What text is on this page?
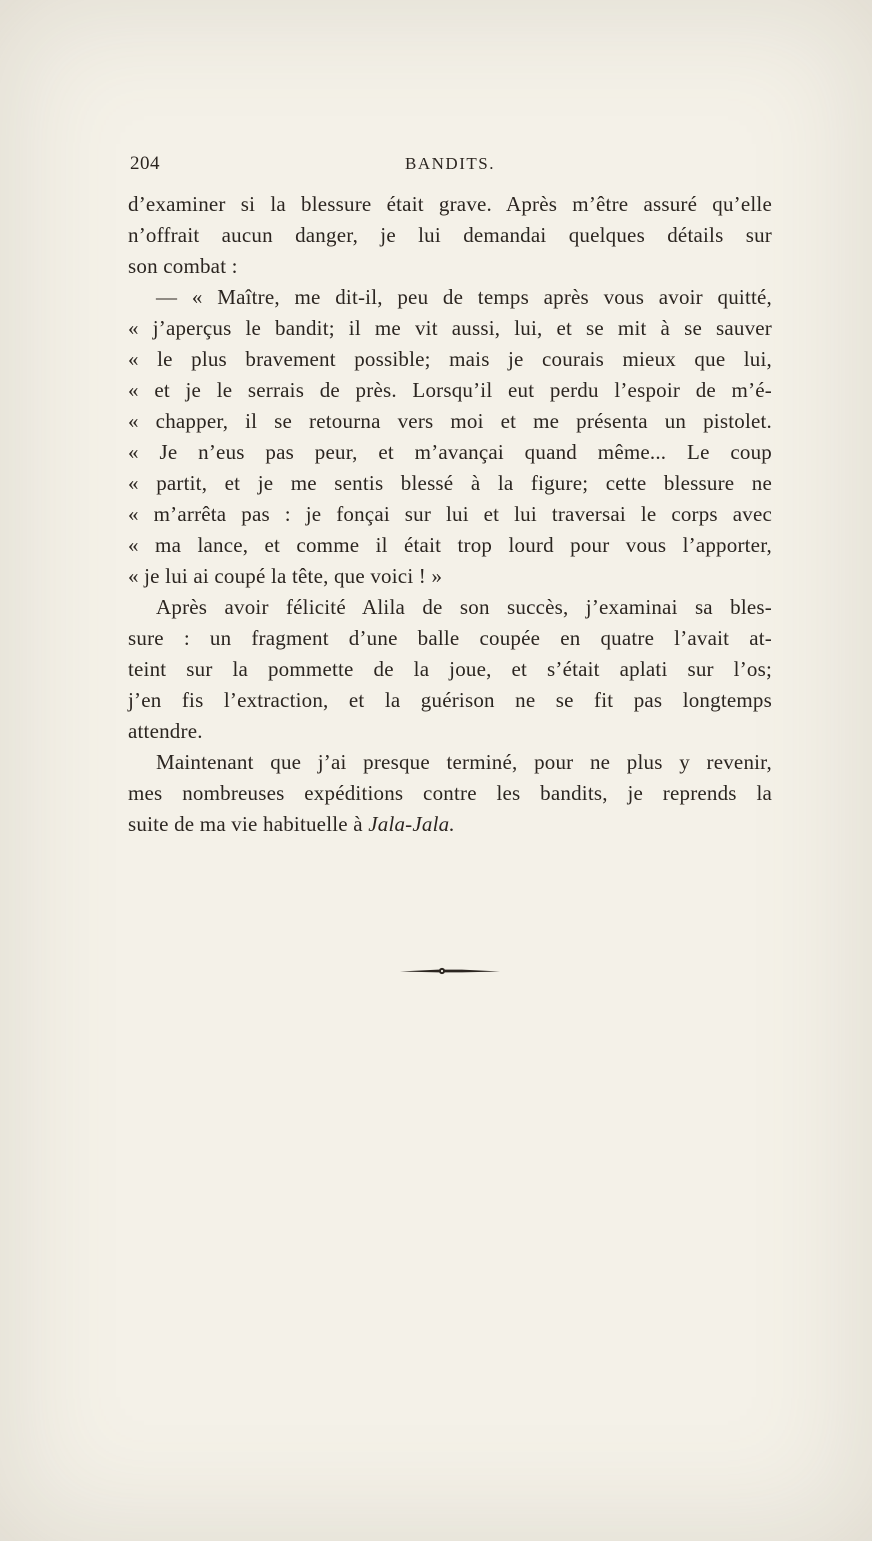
204	BANDITS.
d’examiner si la blessure était grave. Après m’être assuré qu’elle
n’offrait aucun danger, je lui demandai quelques détails sur
son combat :
— « Maître, me dit-il, peu de temps après vous avoir quitté,
« j’aperçus le bandit; il me vit aussi, lui, et se mit à se sauver
« le plus bravement possible; mais je courais mieux que lui,
« et je le serrais de près. Lorsqu’il eut perdu l’espoir de m’é-
« chapper, il se retourna vers moi et me présenta un pistolet.
« Je n’eus pas peur, et m’avançai quand même... Le coup
« partit, et je me sentis blessé à la figure; cette blessure ne
« m’arrêta pas : je fonçai sur lui et lui traversai le corps avec
« ma lance, et comme il était trop lourd pour vous l’apporter,
« je lui ai coupé la tête, que voici ! »
Après avoir félicité Alila de son succès, j’examinai sa bles-
sure : un fragment d’une balle coupée en quatre l’avait at-
teint sur la pommette de la joue, et s’était aplati sur l’os;
j’en fis l’extraction, et la guérison ne se fit pas longtemps
attendre.
Maintenant que j’ai presque terminé, pour ne plus y revenir,
mes nombreuses expéditions contre les bandits, je reprends la
suite de ma vie habituelle à Jala-Jala.
